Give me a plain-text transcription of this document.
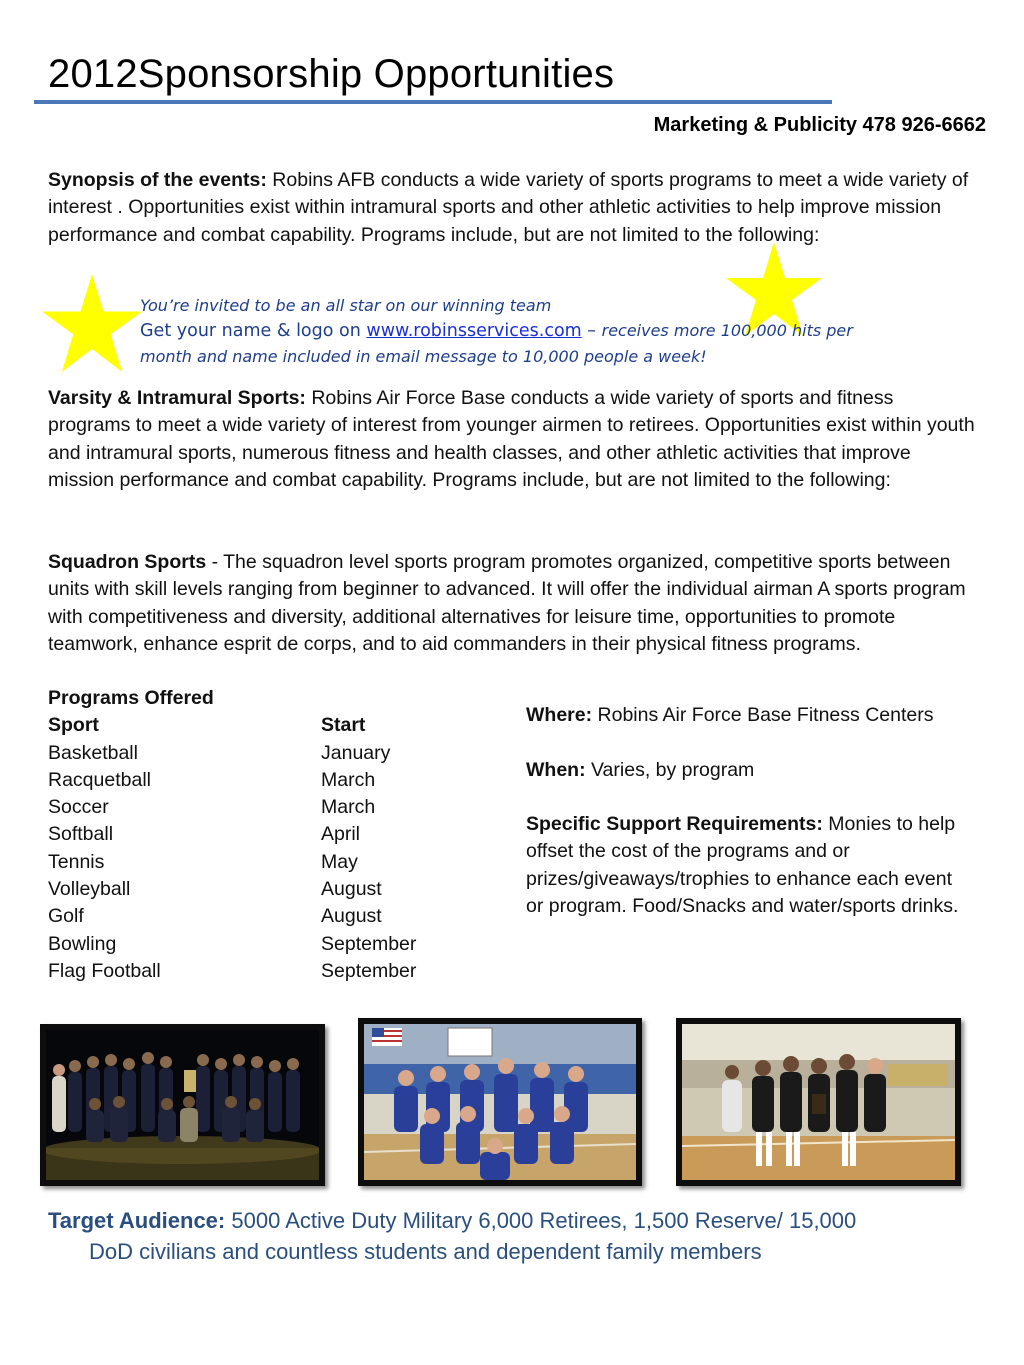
2012Sponsorship Opportunities
Marketing & Publicity 478 926-6662
Synopsis of the events: Robins AFB conducts a wide variety of sports programs to meet a wide variety of interest . Opportunities exist within intramural sports and other athletic activities to help improve mission performance and combat capability. Programs include, but are not limited to the following:
You’re invited to be an all star on our winning team
Get your name & logo on www.robinsservices.com – receives more 100,000 hits per
month and name included in email message to 10,000 people a week!
Varsity & Intramural Sports: Robins Air Force Base conducts a wide variety of sports and fitness programs to meet a wide variety of interest from younger airmen to retirees. Opportunities exist within youth and intramural sports, numerous fitness and health classes, and other athletic activities that improve mission performance and combat capability. Programs include, but are not limited to the following:
Squadron Sports - The squadron level sports program promotes organized, competitive sports between units with skill levels ranging from beginner to advanced. It will offer the individual airman A sports program with competitiveness and diversity, additional alternatives for leisure time, opportunities to promote teamwork, enhance esprit de corps, and to aid commanders in their physical fitness programs.
Programs Offered
Sport	Start
Basketball	January
Racquetball	March
Soccer	March
Softball	April
Tennis	May
Volleyball	August
Golf	August
Bowling	September
Flag Football	September

Where: Robins Air Force Base Fitness Centers

When: Varies, by program

Specific Support Requirements: Monies to help offset the cost of the programs and or prizes/giveaways/trophies to enhance each event or program. Food/Snacks and water/sports drinks.

Target Audience: 5000 Active Duty Military 6,000 Retirees, 1,500 Reserve/ 15,000
DoD civilians and countless students and dependent family members
